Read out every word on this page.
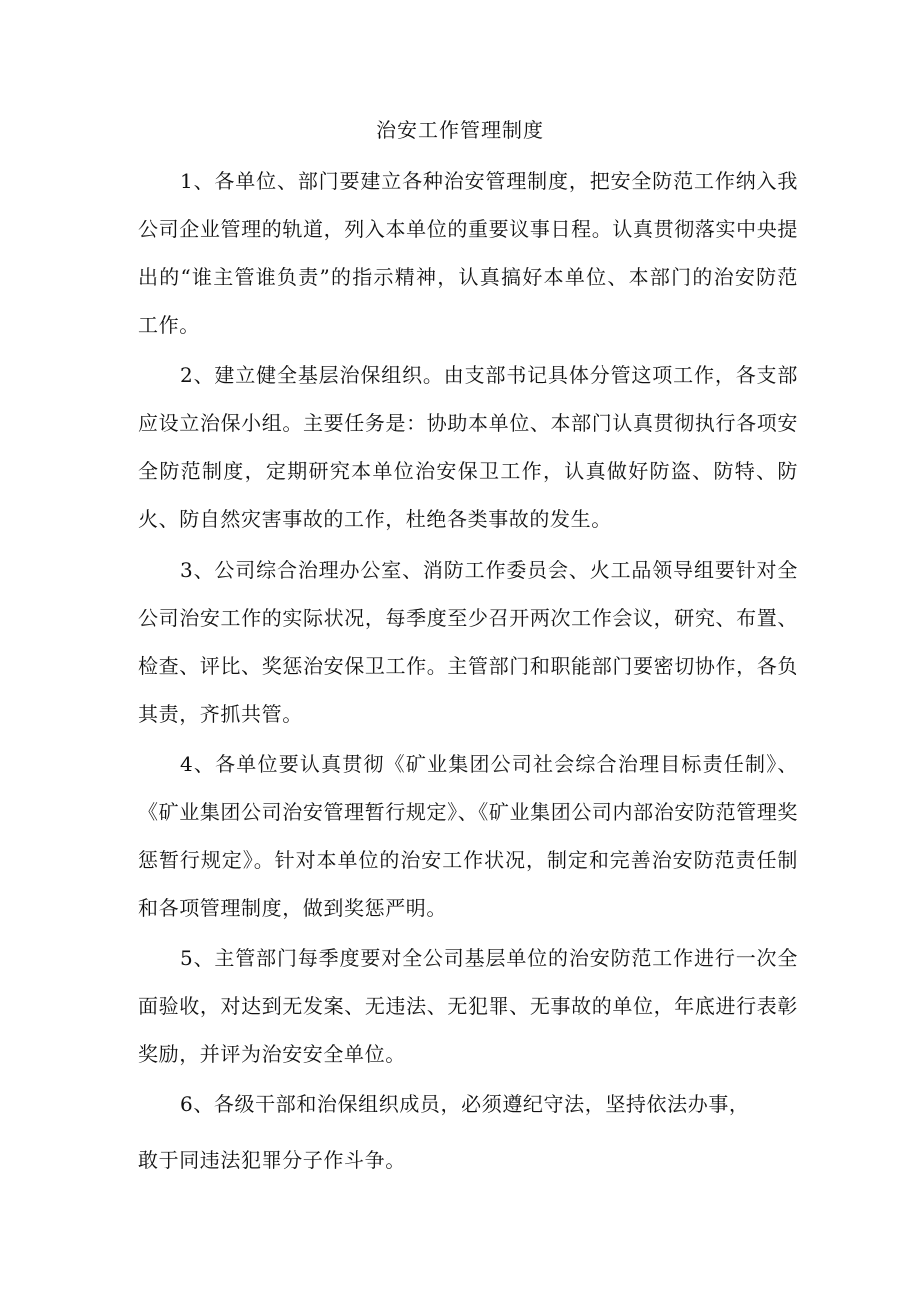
治安工作管理制度
1、各单位、部门要建立各种治安管理制度，把安全防范工作纳入我公司企业管理的轨道，列入本单位的重要议事日程。认真贯彻落实中央提出的“谁主管谁负责”的指示精神，认真搞好本单位、本部门的治安防范工作。
2、建立健全基层治保组织。由支部书记具体分管这项工作，各支部应设立治保小组。主要任务是：协助本单位、本部门认真贯彻执行各项安全防范制度，定期研究本单位治安保卫工作，认真做好防盗、防特、防火、防自然灾害事故的工作，杜绝各类事故的发生。
3、公司综合治理办公室、消防工作委员会、火工品领导组要针对全公司治安工作的实际状况，每季度至少召开两次工作会议，研究、布置、检查、评比、奖惩治安保卫工作。主管部门和职能部门要密切协作，各负其责，齐抓共管。
4、各单位要认真贯彻《矿业集团公司社会综合治理目标责任制》、《矿业集团公司治安管理暂行规定》、《矿业集团公司内部治安防范管理奖惩暂行规定》。针对本单位的治安工作状况，制定和完善治安防范责任制和各项管理制度，做到奖惩严明。
5、主管部门每季度要对全公司基层单位的治安防范工作进行一次全面验收，对达到无发案、无违法、无犯罪、无事故的单位，年底进行表彰奖励，并评为治安安全单位。
6、各级干部和治保组织成员，必须遵纪守法，坚持依法办事，
敢于同违法犯罪分子作斗争。
